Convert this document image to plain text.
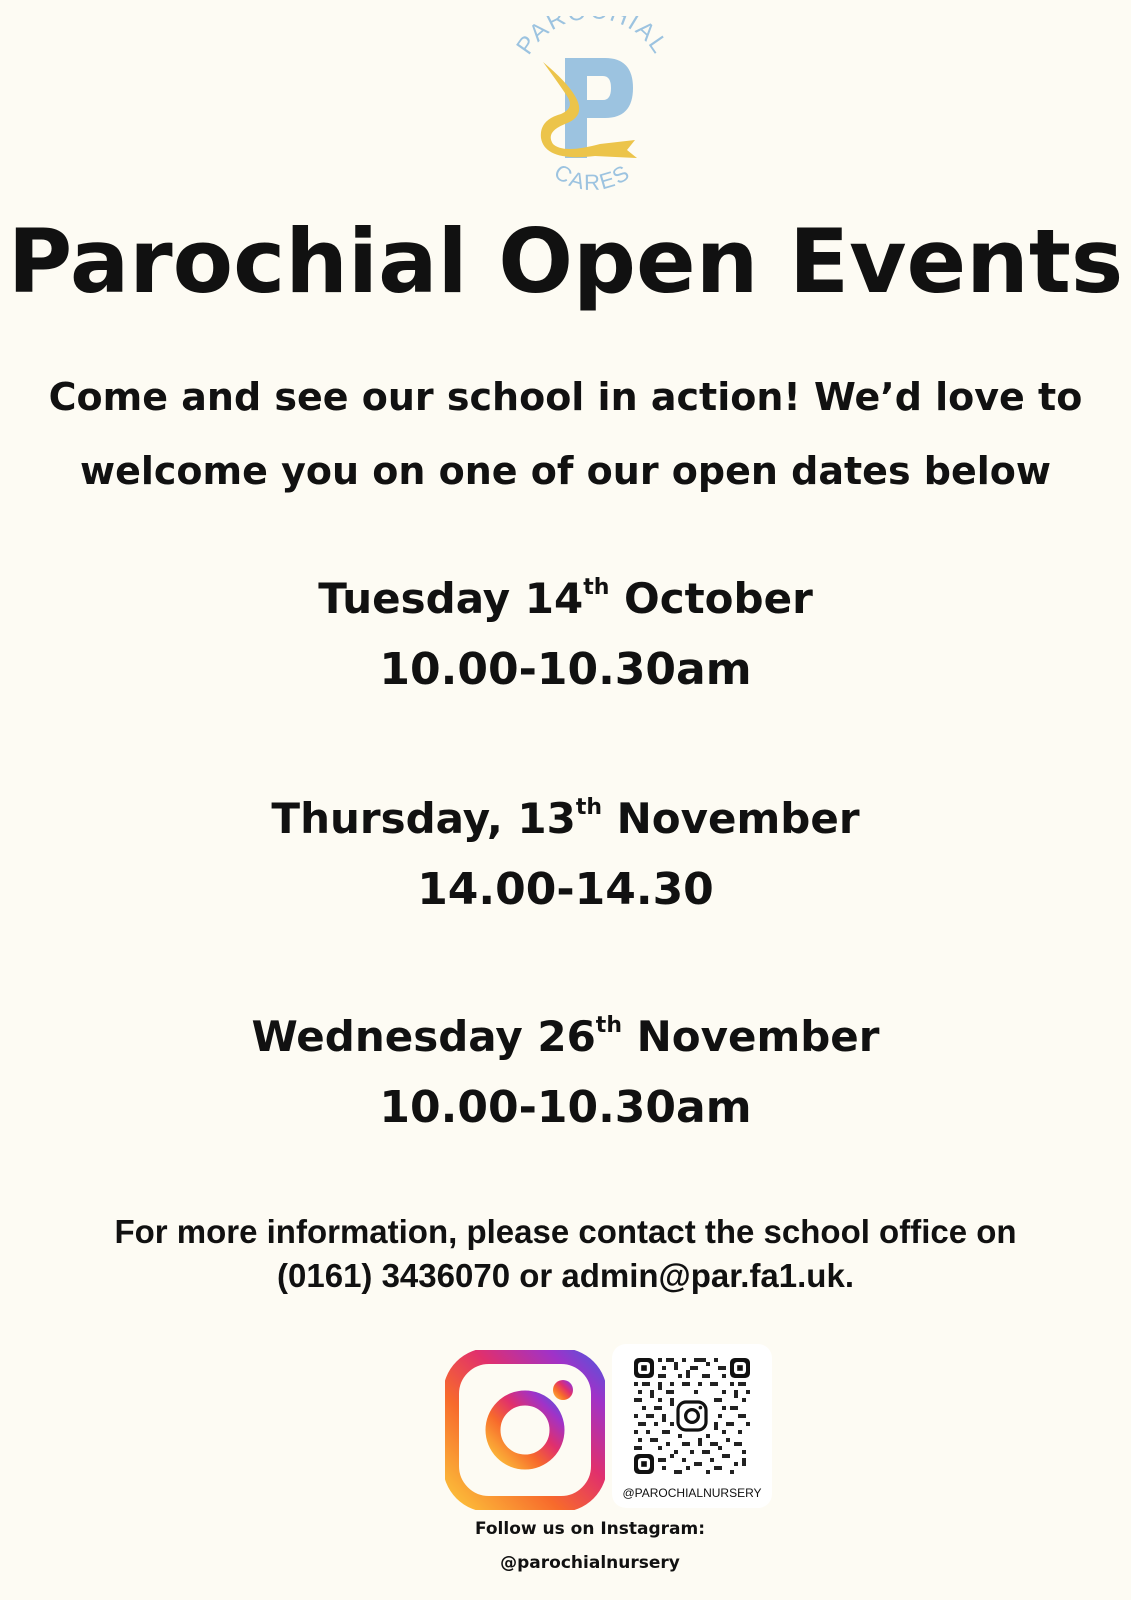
PAR HIAL
CARES
Parochial Open Events
Come and see our school in action! We’d love to
welcome you on one of our open dates below
Tuesday 14th October
10.00-10.30am
Thursday, 13th November
14.00-14.30
Wednesday 26th November
10.00-10.30am
For more information, please contact the school office on
(0161) 3436070 or admin@par.fa1.uk.
@PAROCHIALNURSERY
Follow us on Instagram:
@parochialnursery
